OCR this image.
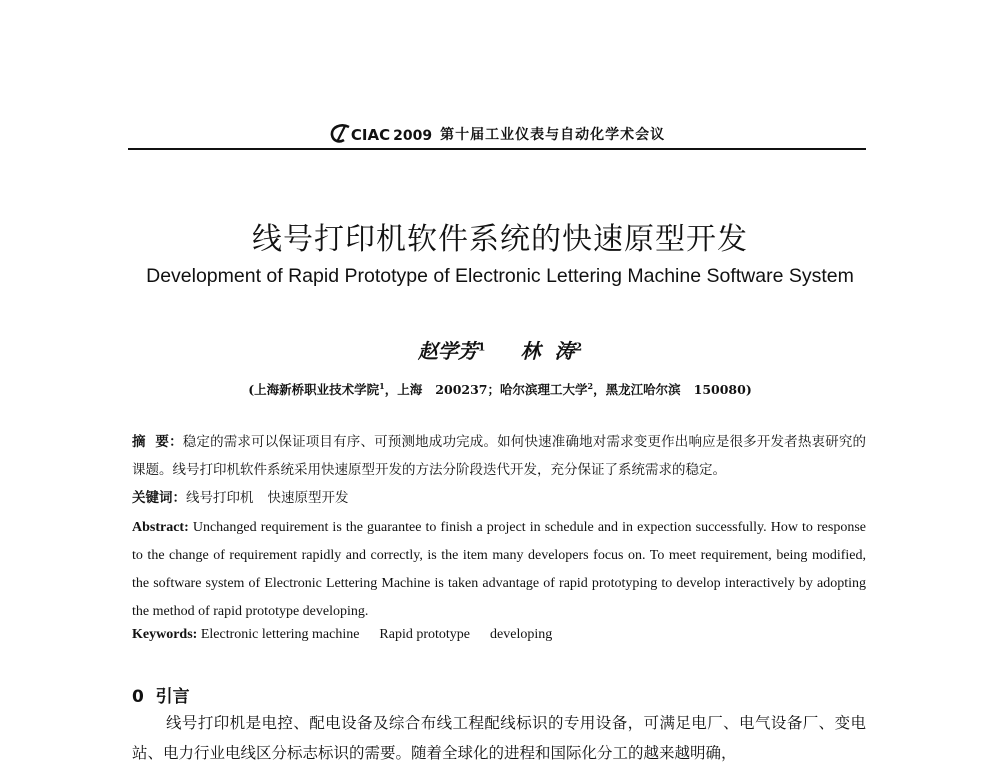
CIAC 2009 第十届工业仪表与自动化学术会议
线号打印机软件系统的快速原型开发
Development of Rapid Prototype of Electronic Lettering Machine Software System
赵学芳$^1$ 林  涛$^2$
(上海新桥职业技术学院$^1$，上海   200237；哈尔滨理工大学$^2$，黑龙江哈尔滨   150080)
摘  要：稳定的需求可以保证项目有序、可预测地成功完成。如何快速准确地对需求变更作出响应是很多开发者热衷研究的课题。线号打印机软件系统采用快速原型开发的方法分阶段迭代开发，充分保证了系统需求的稳定。
关键词：线号打印机 快速原型开发
Abstract: Unchanged requirement is the guarantee to finish a project in schedule and in expection successfully. How to response to the change of requirement rapidly and correctly, is the item many developers focus on. To meet requirement, being modified, the software system of Electronic Lettering Machine is taken advantage of rapid prototyping to develop interactively by adopting the method of rapid prototype developing.
Keywords: Electronic lettering machine Rapid prototype developing
0  引言
线号打印机是电控、配电设备及综合布线工程配线标识的专用设备，可满足电厂、电气设备厂、变电站、电力行业电线区分标志标识的需要。随着全球化的进程和国际化分工的越来越明确，
